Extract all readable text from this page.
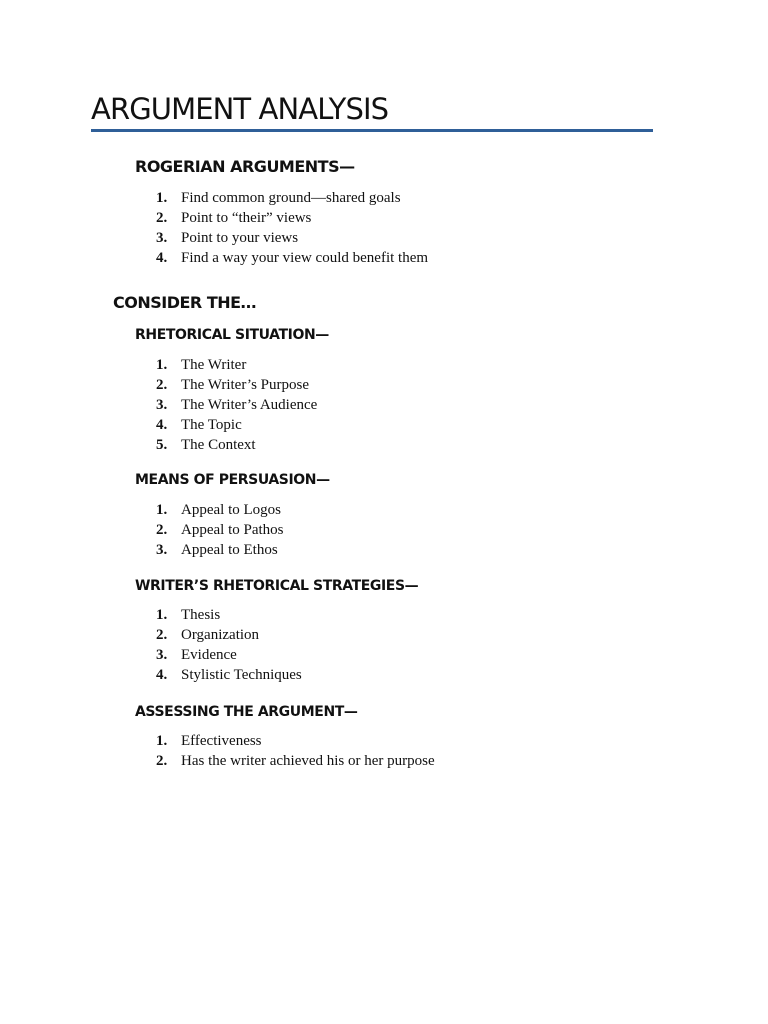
ARGUMENT ANALYSIS
ROGERIAN ARGUMENTS—
1. Find common ground—shared goals
2. Point to “their” views
3. Point to your views
4. Find a way your view could benefit them
CONSIDER THE…
RHETORICAL SITUATION—
1. The Writer
2. The Writer’s Purpose
3. The Writer’s Audience
4. The Topic
5. The Context
MEANS OF PERSUASION—
1. Appeal to Logos
2. Appeal to Pathos
3. Appeal to Ethos
WRITER’S RHETORICAL STRATEGIES—
1. Thesis
2. Organization
3. Evidence
4. Stylistic Techniques
ASSESSING THE ARGUMENT—
1. Effectiveness
2. Has the writer achieved his or her purpose
